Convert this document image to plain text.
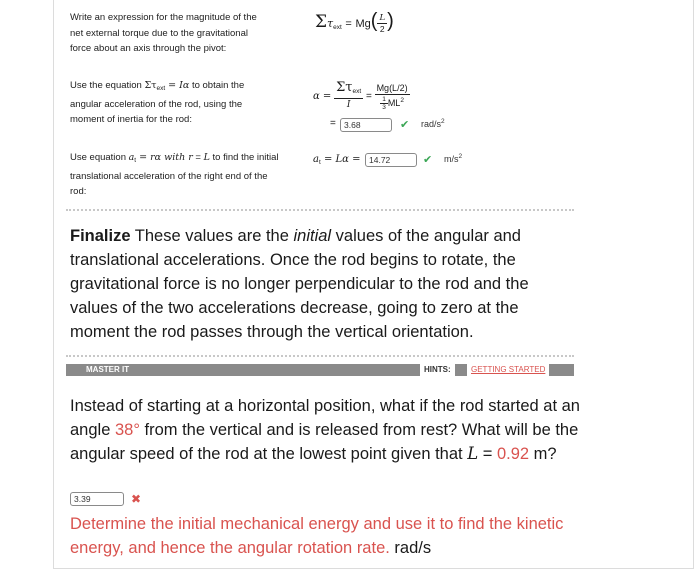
Write an expression for the magnitude of the net external torque due to the gravitational force about an axis through the pivot:
$\Sigma\tau_{ext} = Mg( \frac{L}{2}$ )
Use the equation $\Sigma\tau_{ext} = I\alpha$ to obtain the angular acceleration of the rod, using the moment of inertia for the rod:
$\alpha = \frac{\Sigma\tau_{ext}}{I} = \frac{Mg(L/2)}{\frac{1}{3} ML^2}$
= 3.68	✔ rad/$s^2$
Use equation $a_t = r\alpha$ with r = L to find the initial translational acceleration of the right end of the rod:
$a_t = L\alpha$ =	14.72	✔ $m/s^2$
Finalize These values are the initial values of the angular and translational accelerations. Once the rod begins to rotate, the gravitational force is no longer perpendicular to the rod and the values of the two accelerations decrease, going to zero at the moment the rod passes through the vertical orientation.
MASTER IT	HINTS:	GETTING STARTED
Instead of starting at a horizontal position, what if the rod started at an angle 38° from the vertical and is released from rest? What will be the angular speed of the rod at the lowest point given that L = 0.92 m?
3.39	✖
Determine the initial mechanical energy and use it to find the kinetic energy, and hence the angular rotation rate. rad/s
